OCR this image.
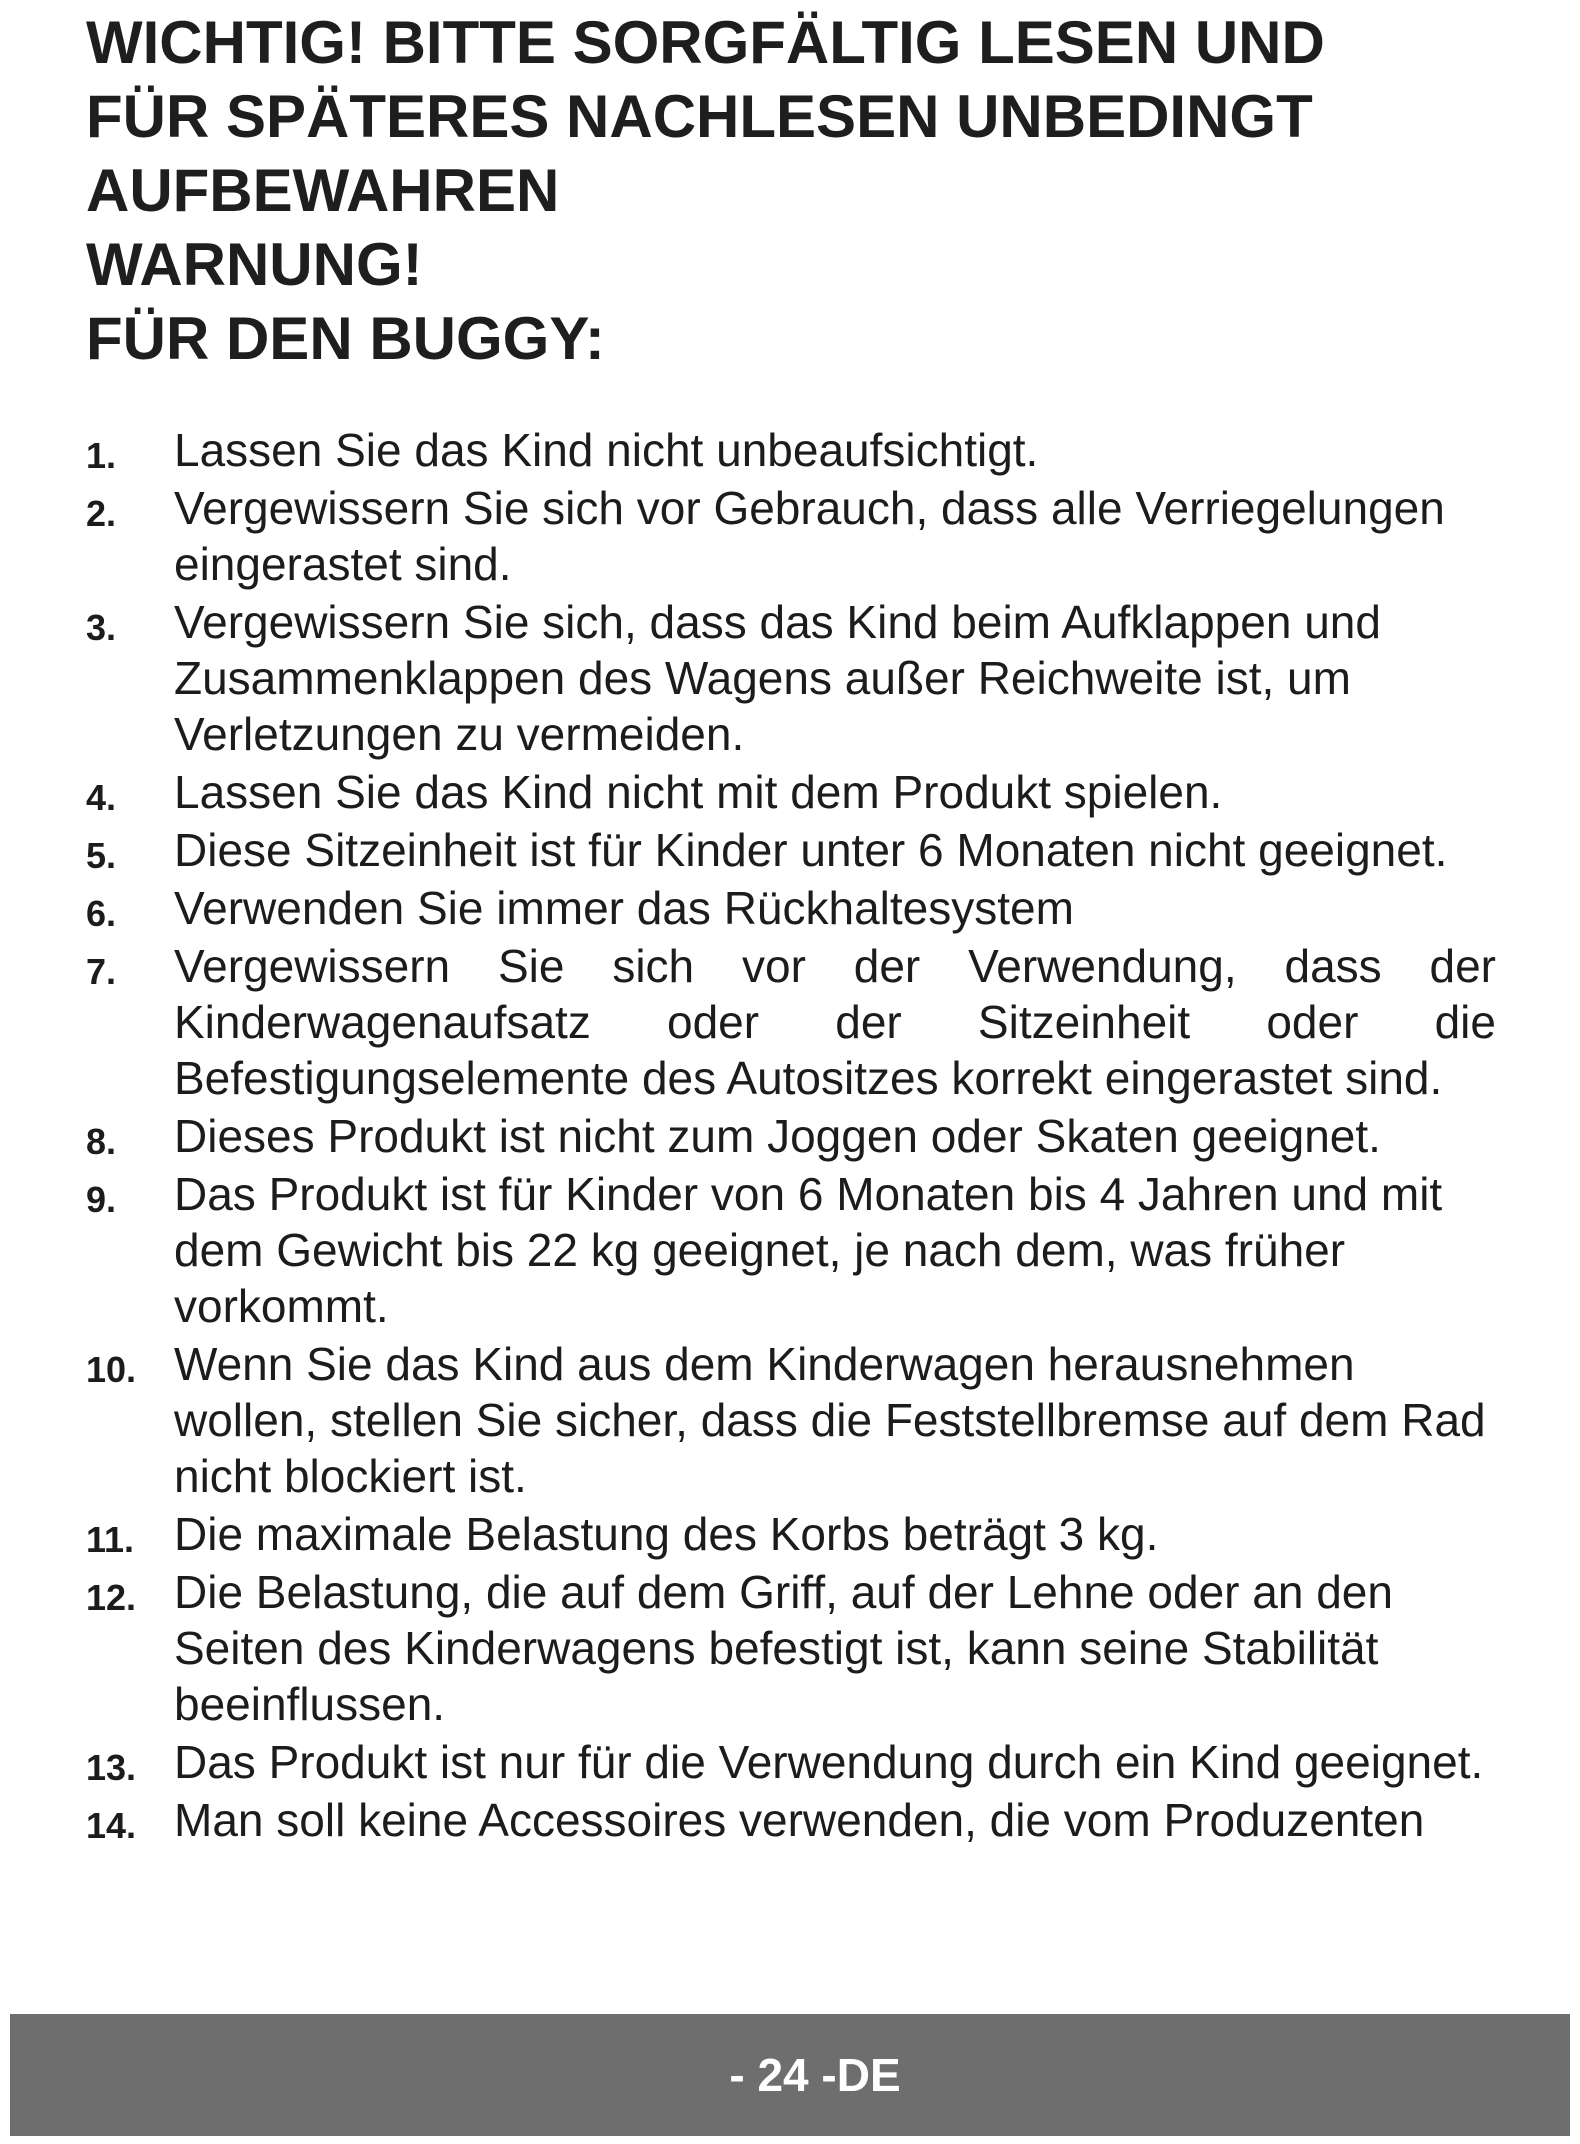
WICHTIG! BITTE SORGFÄLTIG LESEN UND
FÜR SPÄTERES NACHLESEN UNBEDINGT
AUFBEWAHREN
WARNUNG!
FÜR DEN BUGGY:
1. Lassen Sie das Kind nicht unbeaufsichtigt.
2. Vergewissern Sie sich vor Gebrauch, dass alle Verriegelungen eingerastet sind.
3. Vergewissern Sie sich, dass das Kind beim Aufklappen und Zusammenklappen des Wagens außer Reichweite ist, um Verletzungen zu vermeiden.
4. Lassen Sie das Kind nicht mit dem Produkt spielen.
5. Diese Sitzeinheit ist für Kinder unter 6 Monaten nicht geeignet.
6. Verwenden Sie immer das Rückhaltesystem
7. Vergewissern Sie sich vor der Verwendung, dass der Kinderwagenaufsatz oder der Sitzeinheit oder die Befestigungselemente des Autositzes korrekt eingerastet sind.
8. Dieses Produkt ist nicht zum Joggen oder Skaten geeignet.
9. Das Produkt ist für Kinder von 6 Monaten bis 4 Jahren und mit dem Gewicht bis 22 kg geeignet, je nach dem, was früher vorkommt.
10. Wenn Sie das Kind aus dem Kinderwagen herausnehmen wollen, stellen Sie sicher, dass die Feststellbremse auf dem Rad nicht blockiert ist.
11. Die maximale Belastung des Korbs beträgt 3 kg.
12. Die Belastung, die auf dem Griff, auf der Lehne oder an den Seiten des Kinderwagens befestigt ist, kann seine Stabilität beeinflussen.
13. Das Produkt ist nur für die Verwendung durch ein Kind geeignet.
14. Man soll keine Accessoires verwenden, die vom Produzenten
- 24 -DE
